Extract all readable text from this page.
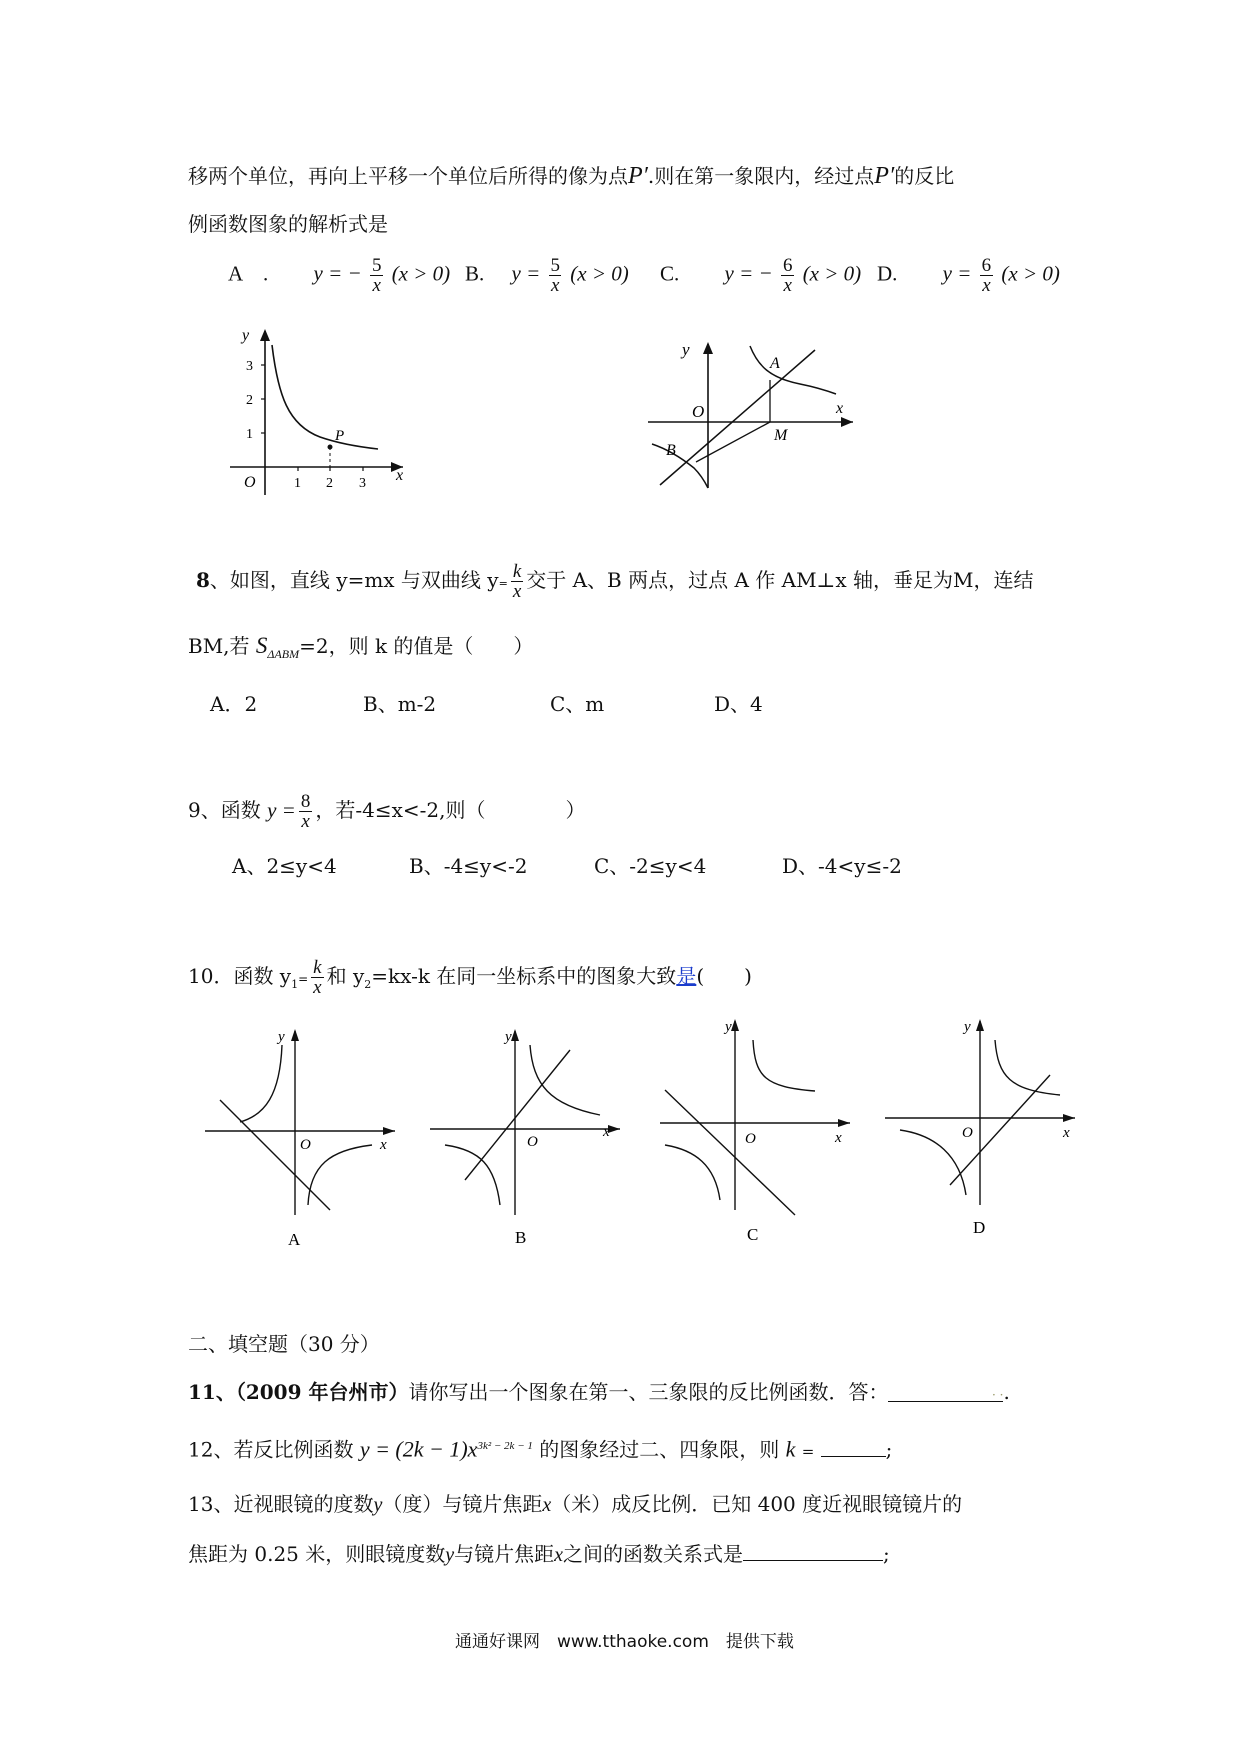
移两个单位，再向上平移一个单位后所得的像为点P′.则在第一象限内，经过点P′的反比
例函数图象的解析式是
A　. y = − $\frac{5}{x} (x > 0)$ B. $y = \frac{5}{x} (x > 0)$ C. y = − $\frac{6}{x} (x > 0)$ D. $y = \frac{6}{x} (x > 0)$
y
3
2
1
O	1 2 3 x
P
y
O
A
M
B
x
8、如图，直线 y=mx 与双曲线 $y= \frac{k}{x}$ 交于 A、B 两点，过点 A 作 AM⊥x 轴，垂足为M，连结
BM,若 $S_{\Delta ABM}=2$，则 k 的值是（　　）
A．2	B、m-2	C、m	D、4
9、函数 $y = \frac{8}{x}$ ，若-4≤x<-2,则（　　　　）
A、2≤y<4	B、-4≤y<-2	C、-2≤y<4	D、-4<y≤-2
10．函数 $y_1= \frac{k}{x}$ 和 $y_2=kx-k$ 在同一坐标系中的图象大致是(　　)
y
O	x
A
y
O
x
B
y
O	x
C
y
O	x
D
二、填空题（30 分）
11、（2009 年台州市）请你写出一个图象在第一、三象限的反比例函数．答：	· ·.
12、若反比例函数 $y = (2k - 1)x^{3k^2 - 2k - 1}$ 的图象经过二、四象限，则 k =	;
13、近视眼镜的度数y（度）与镜片焦距x（米）成反比例．已知 400 度近视眼镜镜片的
焦距为 0.25 米，则眼镜度数y与镜片焦距x之间的函数关系式是	;
通通好课网　www.tthaoke.com　提供下载
